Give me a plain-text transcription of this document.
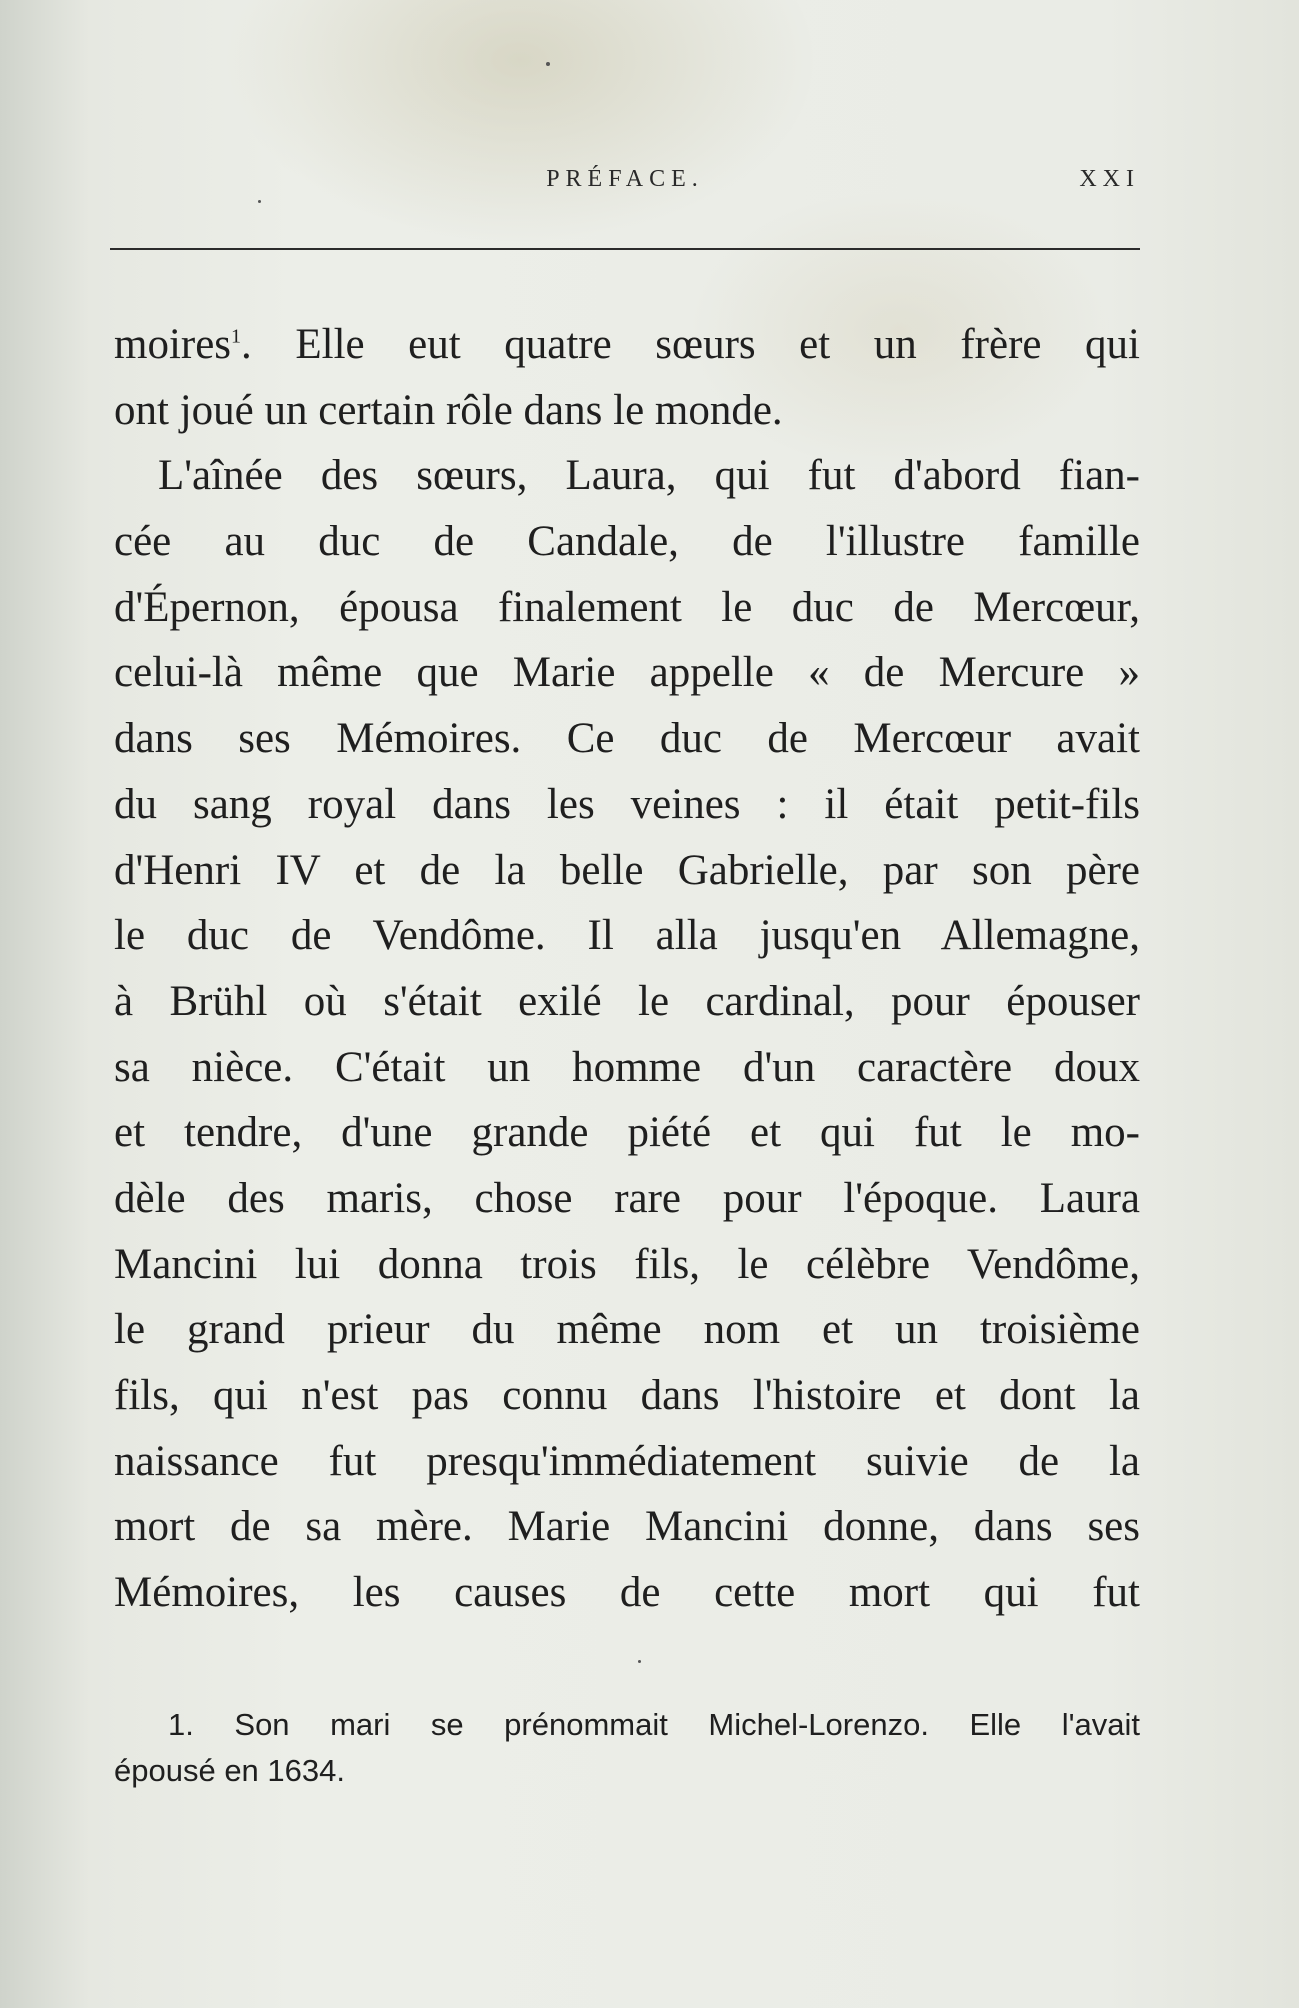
PRÉFACE.	XXI
moires$^1$. Elle eut quatre sœurs et un frère qui
ont joué un certain rôle dans le monde.
L'aînée des sœurs, Laura, qui fut d'abord fian-
cée au duc de Candale, de l'illustre famille
d'Épernon, épousa finalement le duc de Mercœur,
celui-là même que Marie appelle « de Mercure »
dans ses Mémoires. Ce duc de Mercœur avait
du sang royal dans les veines : il était petit-fils
d'Henri IV et de la belle Gabrielle, par son père
le duc de Vendôme. Il alla jusqu'en Allemagne,
à Brühl où s'était exilé le cardinal, pour épouser
sa nièce. C'était un homme d'un caractère doux
et tendre, d'une grande piété et qui fut le mo-
dèle des maris, chose rare pour l'époque. Laura
Mancini lui donna trois fils, le célèbre Vendôme,
le grand prieur du même nom et un troisième
fils, qui n'est pas connu dans l'histoire et dont la
naissance fut presqu'immédiatement suivie de la
mort de sa mère. Marie Mancini donne, dans ses
Mémoires, les causes de cette mort qui fut
1. Son mari se prénommait Michel-Lorenzo. Elle l'avait
épousé en 1634.
